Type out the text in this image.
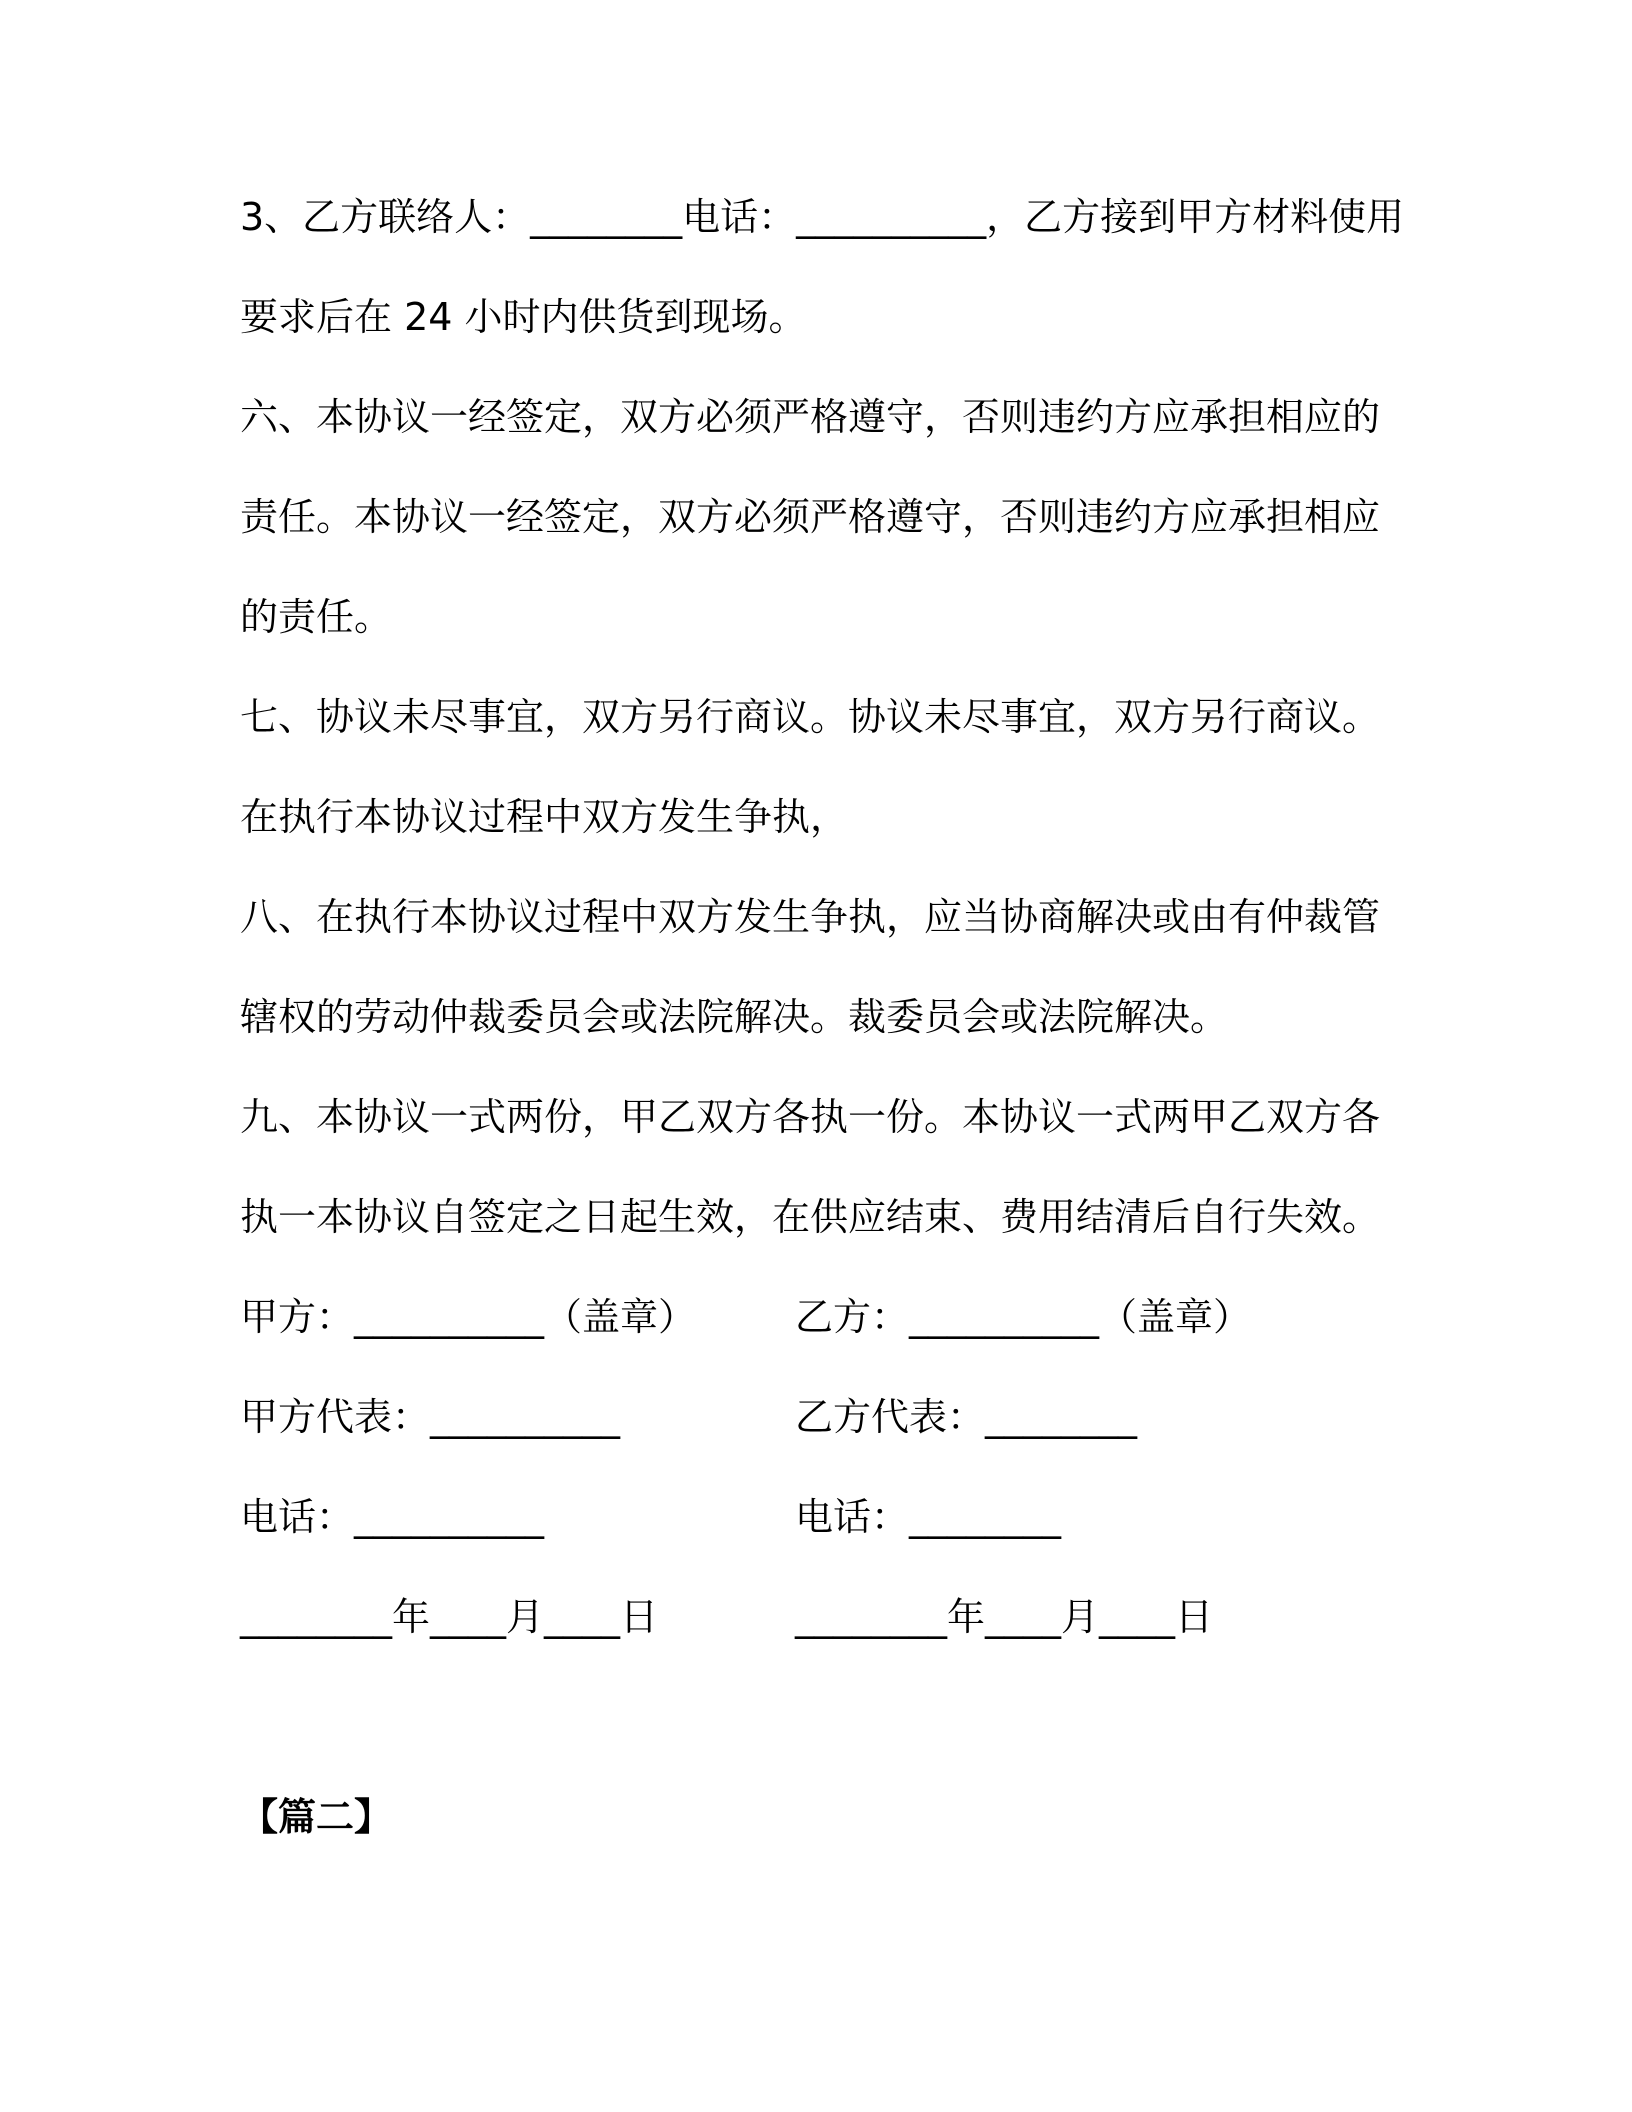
3、乙方联络人：________电话：__________，乙方接到甲方材料使用
要求后在 24 小时内供货到现场。
六、本协议一经签定，双方必须严格遵守，否则违约方应承担相应的
责任。本协议一经签定，双方必须严格遵守，否则违约方应承担相应
的责任。
七、协议未尽事宜，双方另行商议。协议未尽事宜，双方另行商议。
在执行本协议过程中双方发生争执，
八、在执行本协议过程中双方发生争执，应当协商解决或由有仲裁管
辖权的劳动仲裁委员会或法院解决。裁委员会或法院解决。
九、本协议一式两份，甲乙双方各执一份。本协议一式两甲乙双方各
执一本协议自签定之日起生效，在供应结束、费用结清后自行失效。
甲方：__________（盖章）	乙方：__________（盖章）
甲方代表：__________	乙方代表：________
电话：__________	电话：________
________年____月____日	________年____月____日
【篇二】
